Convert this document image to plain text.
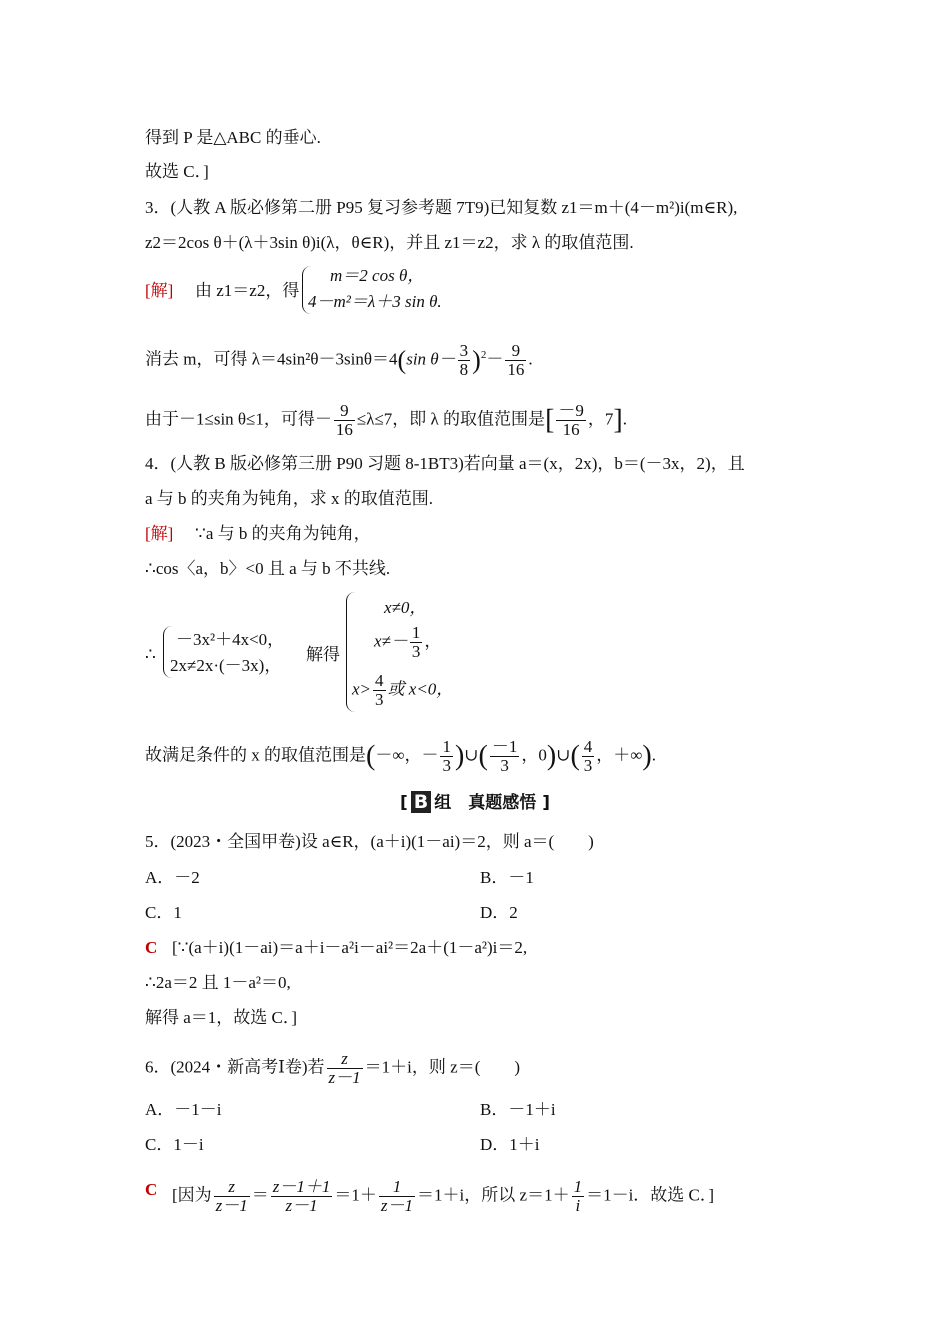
得到 P 是△ABC 的垂心.
故选 C．]
3．(人教 A 版必修第二册 P95 复习参考题 7T9)已知复数 z1＝m＋(4－m²)i(m∈R),
z2＝2cos θ＋(λ＋3sin θ)i(λ，θ∈R)，并且 z1＝z2，求 λ 的取值范围.
[解] 由 z1＝z2，得
m＝2 cos θ，
4－m²＝λ＋3 sin θ.
消去 m，可得 λ＝4sin²θ－3sinθ＝4(sin $\theta- \frac{3}{8} )^2- \frac{9}{16}$ .
由于－1≤sin θ≤1，可得－ $\frac{9}{16} \le\lambda\le 7$，即 λ 的取值范围是[ $\frac{-9}{16}$ ，7].
4．(人教 B 版必修第三册 P90 习题 8-1BT3)若向量 a＝(x，2x)，b＝(－3x，2)，且
a 与 b 的夹角为钝角，求 x 的取值范围.
[解] ∵a 与 b 的夹角为钝角，
∴cos〈a，b〉<0 且 a 与 b 不共线.
∴
－3x²＋4x<0，
2x≠2x·(－3x)，
解得
x≠0，
$x\ne- \frac{1}{3}$ ，
$x> \frac{4}{3}$ 或 x<0，
故满足条件的 x 的取值范围是(－∞，－ $\frac{1}{3}$ )∪( $\frac{-1}{3}$ ，0)∪( $\frac{4}{3}$ ，＋∞).
[ B 组　真题感悟 ]
5．(2023・全国甲卷)设 a∈R，(a＋i)(1－ai)＝2，则 a＝(　　)
A．－2	B．－1
C．1	D．2
C [∵(a＋i)(1－ai)＝a＋i－a²i－ai²＝2a＋(1－a²)i＝2,
∴2a＝2 且 1－a²＝0,
解得 a＝1，故选 C．]
6．(2024・新高考Ⅰ卷)若 $\frac{z}{z-1} =1+i$，则 z＝(　　)
A．－1－i	B．－1＋i
C．1－i	D．1＋i
C [因为 $\frac{z}{z-1} = \frac{z-1+1}{z-1} =1+ \frac{1}{z-1} =1+i$，所以 $z=1+ \frac{1}{i} =1-i$．故选 C．]
